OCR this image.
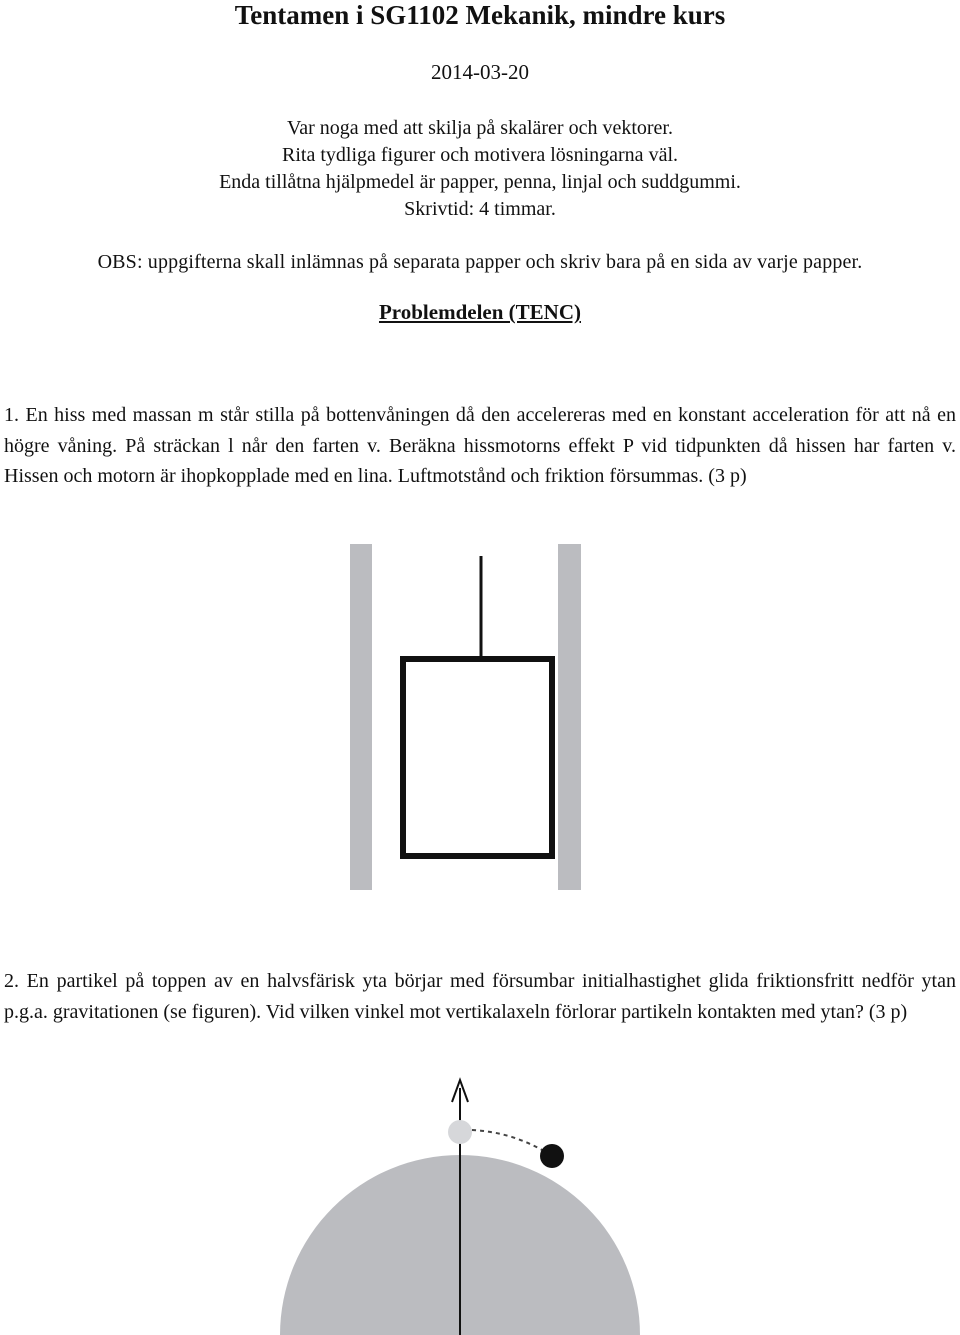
Tentamen i SG1102 Mekanik, mindre kurs
2014-03-20
Var noga med att skilja på skalärer och vektorer.
Rita tydliga figurer och motivera lösningarna väl.
Enda tillåtna hjälpmedel är papper, penna, linjal och suddgummi.
Skrivtid: 4 timmar.
OBS: uppgifterna skall inlämnas på separata papper och skriv bara på en sida av varje papper.
Problemdelen (TENC)
1. En hiss med massan m står stilla på bottenvåningen då den accelereras med en konstant acceleration för att nå en högre våning. På sträckan l når den farten v. Beräkna hissmotorns effekt P vid tidpunkten då hissen har farten v. Hissen och motorn är ihopkopplade med en lina. Luftmotstånd och friktion försummas. (3 p)
2. En partikel på toppen av en halvsfärisk yta börjar med försumbar initialhastighet glida friktionsfritt nedför ytan p.g.a. gravitationen (se figuren). Vid vilken vinkel mot vertikalaxeln förlorar partikeln kontakten med ytan? (3 p)
